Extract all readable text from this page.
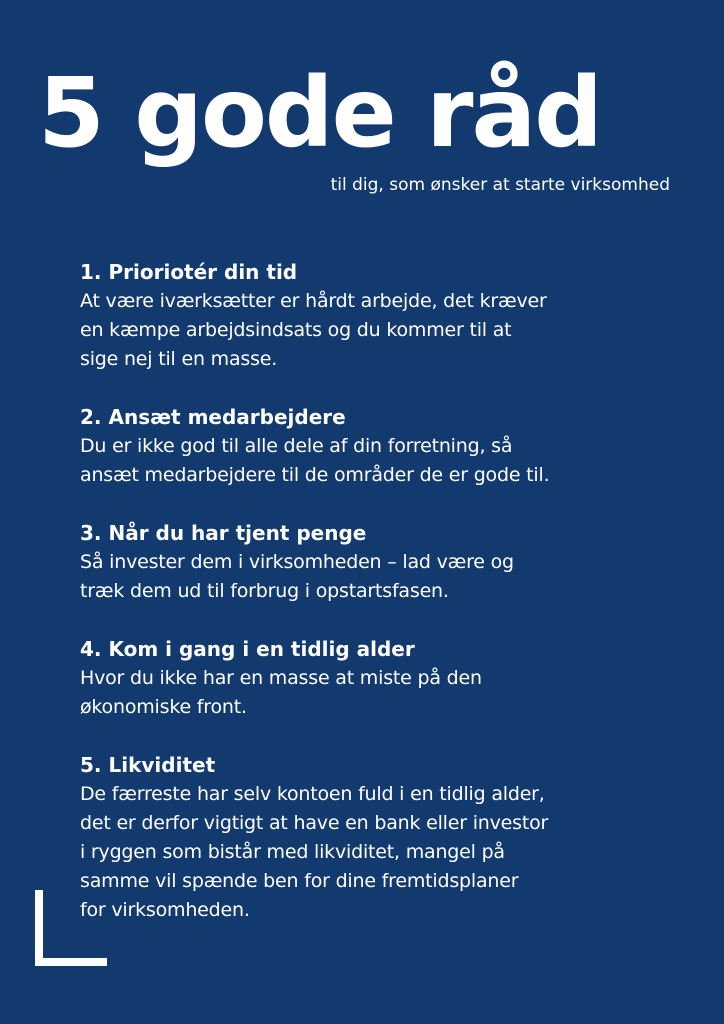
5 gode råd

til dig, som ønsker at starte virksomhed

1. Prioriotér din tid

At være iværksætter er hårdt arbejde, det kræver
en kæmpe arbejdsindsats og du kommer til at
sige nej til en masse.

2. Ansæt medarbejdere

Du er ikke god til alle dele af din forretning, så
ansæt medarbejdere til de områder de er gode til.

3. Når du har tjent penge

Så invester dem i virksomheden – lad være og
træk dem ud til forbrug i opstartsfasen.

4. Kom i gang i en tidlig alder

Hvor du ikke har en masse at miste på den
økonomiske front.

5. Likviditet

De færreste har selv kontoen fuld i en tidlig alder,
det er derfor vigtigt at have en bank eller investor
i ryggen som bistår med likviditet, mangel på
samme vil spænde ben for dine fremtidsplaner
for virksomheden.
